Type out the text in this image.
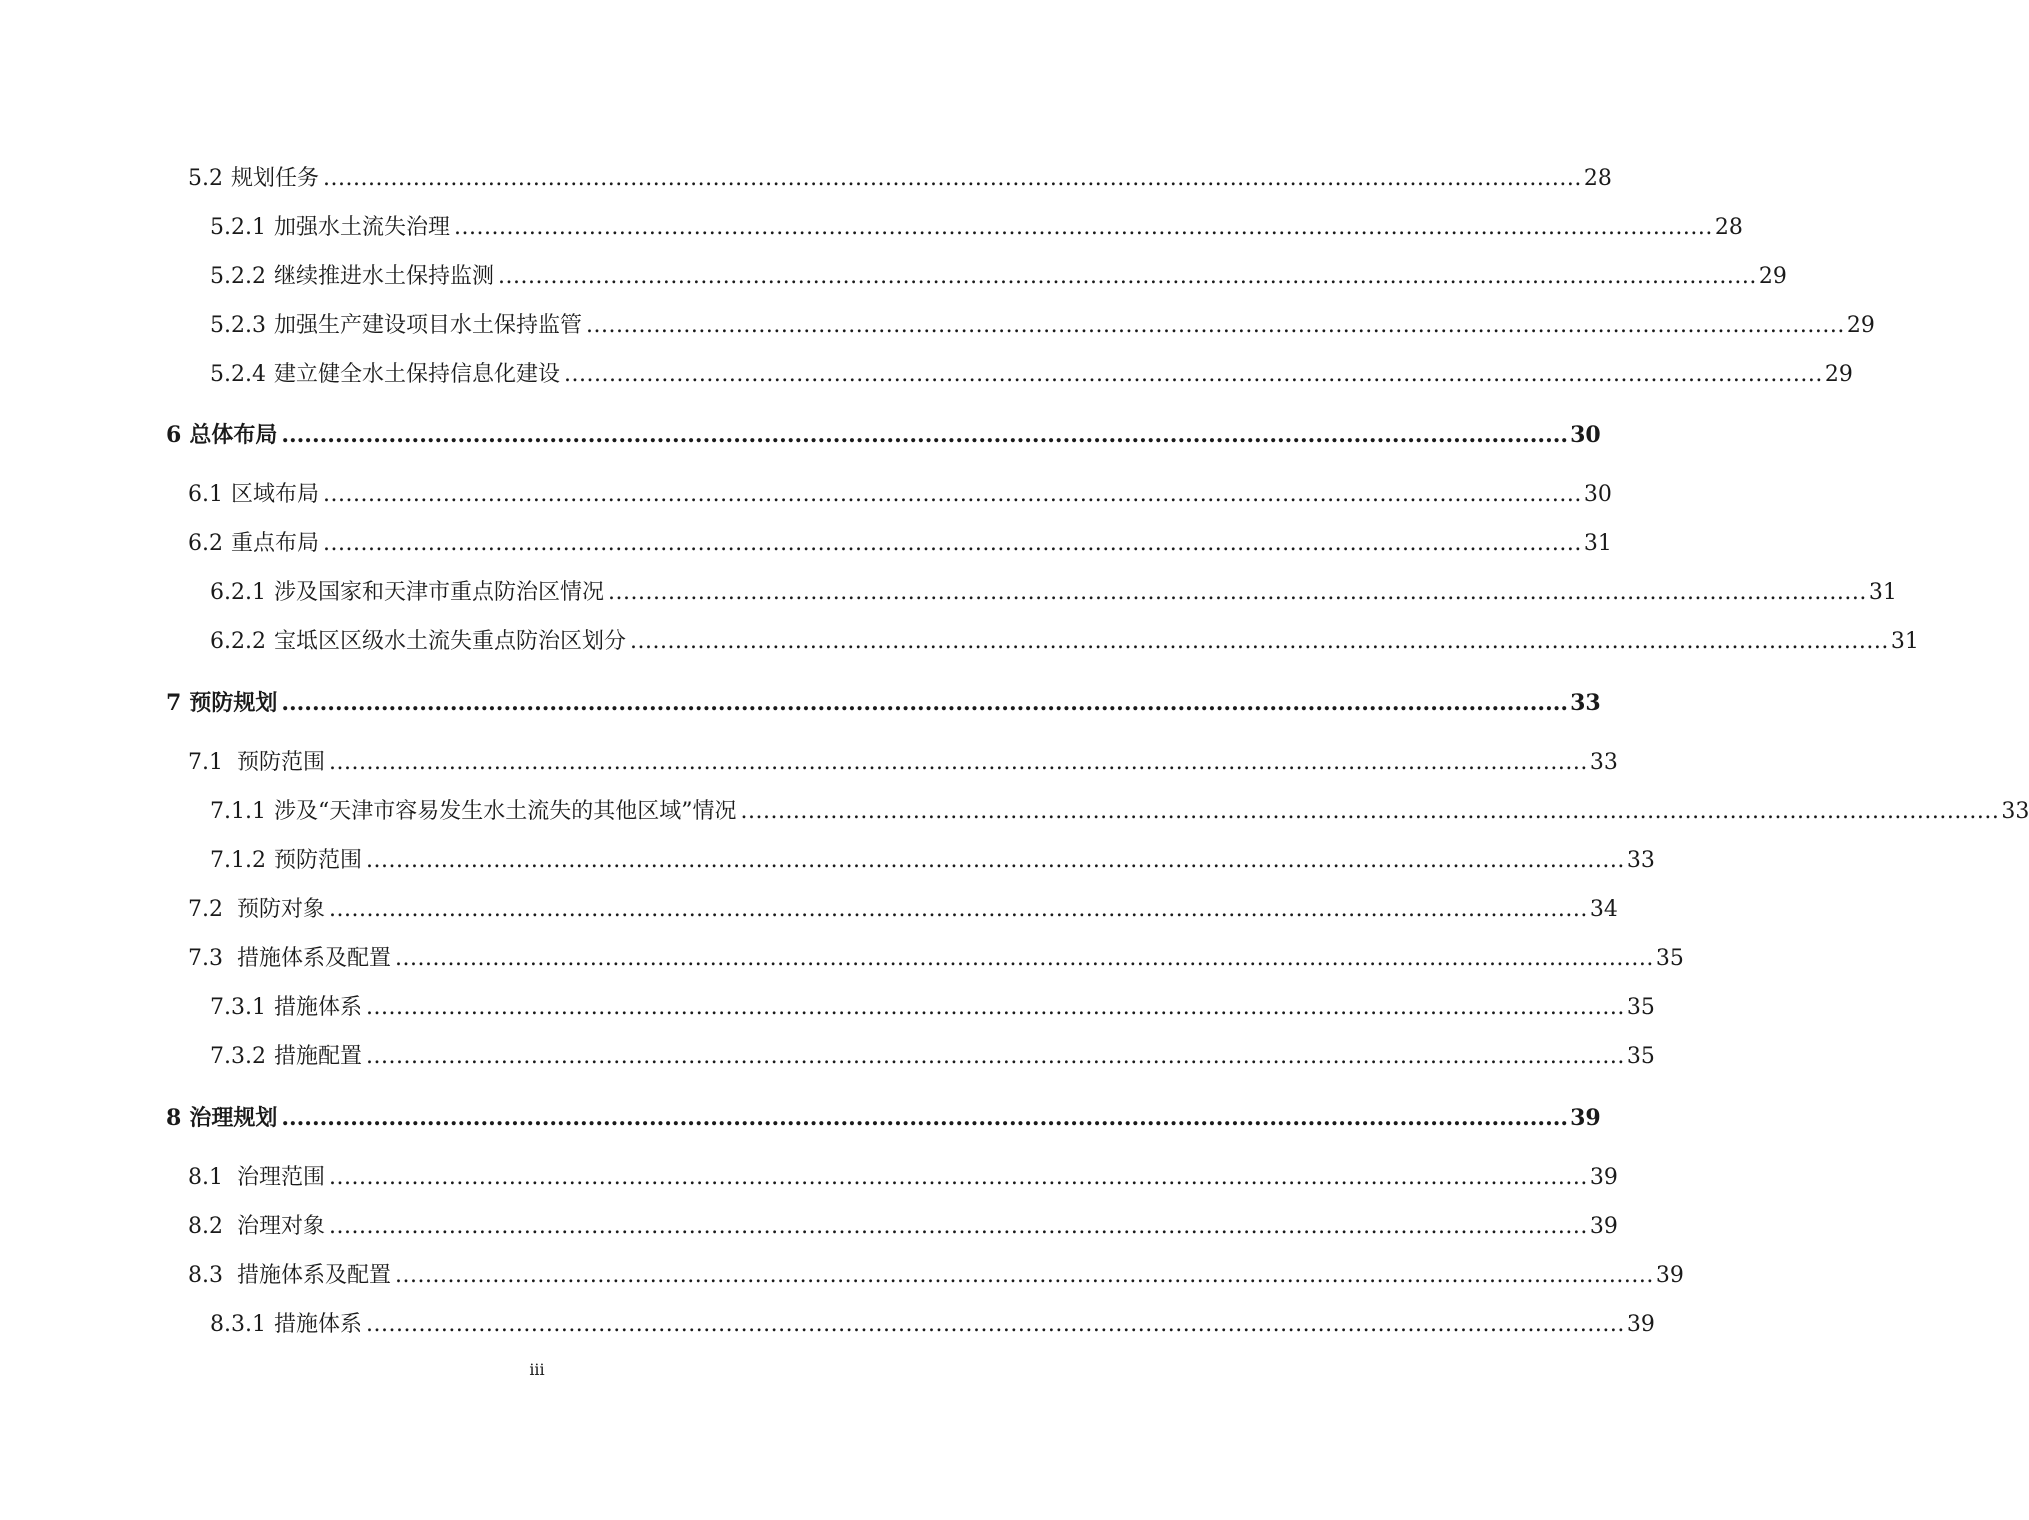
5.2 规划任务 ........................................................................................................................................................................ 28
5.2.1 加强水土流失治理 ........................................................................................................................................................................ 28
5.2.2 继续推进水土保持监测 ........................................................................................................................................................................ 29
5.2.3 加强生产建设项目水土保持监管 ........................................................................................................................................................................ 29
5.2.4 建立健全水土保持信息化建设 ........................................................................................................................................................................ 29
6 总体布局 ........................................................................................................................................................................ 30
6.1 区域布局 ........................................................................................................................................................................ 30
6.2 重点布局 ........................................................................................................................................................................ 31
6.2.1 涉及国家和天津市重点防治区情况 ........................................................................................................................................................................ 31
6.2.2 宝坻区区级水土流失重点防治区划分 ........................................................................................................................................................................ 31
7 预防规划 ........................................................................................................................................................................ 33
7.1 预防范围 ........................................................................................................................................................................ 33
7.1.1 涉及“天津市容易发生水土流失的其他区域”情况 ........................................................................................................................................................................ 33
7.1.2 预防范围 ........................................................................................................................................................................ 33
7.2 预防对象 ........................................................................................................................................................................ 34
7.3 措施体系及配置 ........................................................................................................................................................................ 35
7.3.1 措施体系 ........................................................................................................................................................................ 35
7.3.2 措施配置 ........................................................................................................................................................................ 35
8 治理规划 ........................................................................................................................................................................ 39
8.1 治理范围 ........................................................................................................................................................................ 39
8.2 治理对象 ........................................................................................................................................................................ 39
8.3 措施体系及配置 ........................................................................................................................................................................ 39
8.3.1 措施体系 ........................................................................................................................................................................ 39
iii
